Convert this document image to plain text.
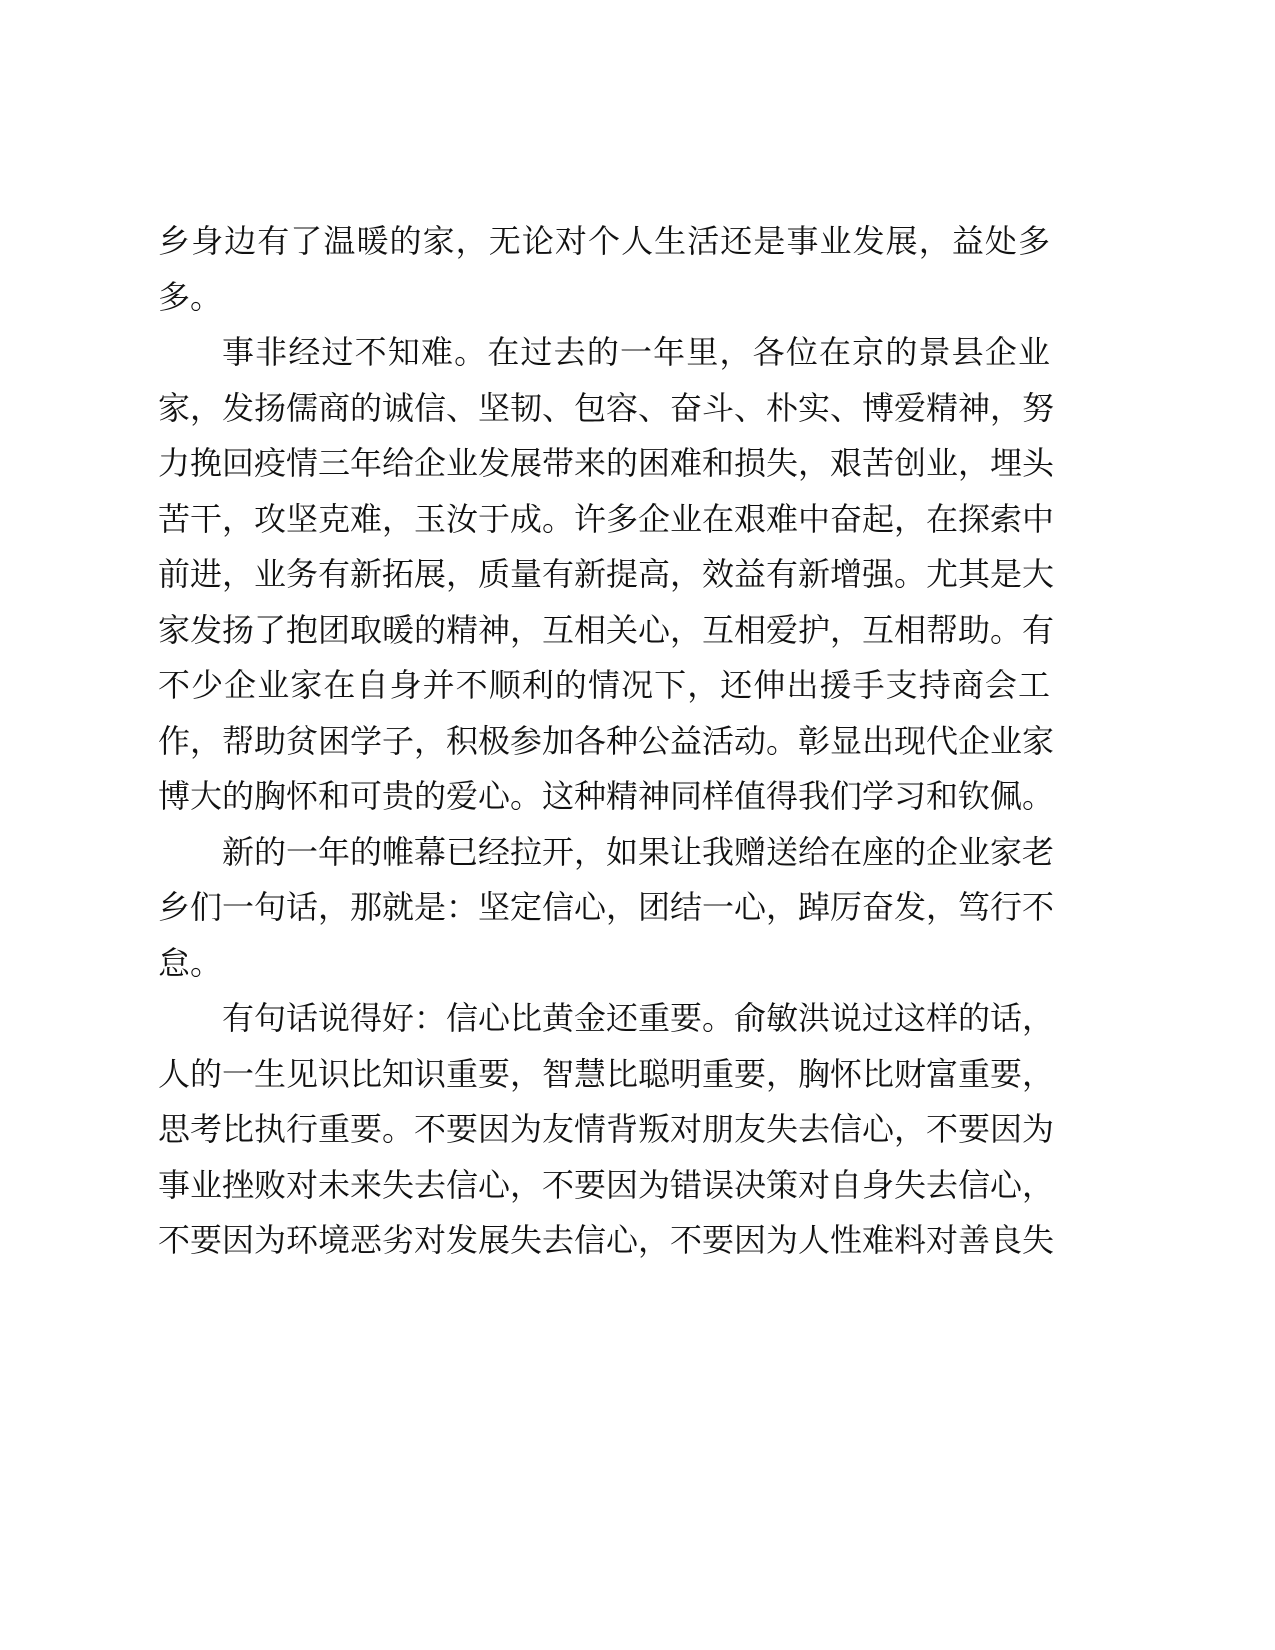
乡身边有了温暖的家，无论对个人生活还是事业发展，益处多
多。
事非经过不知难。在过去的一年里，各位在京的景县企业
家，发扬儒商的诚信、坚韧、包容、奋斗、朴实、博爱精神，努
力挽回疫情三年给企业发展带来的困难和损失，艰苦创业，埋头
苦干，攻坚克难，玉汝于成。许多企业在艰难中奋起，在探索中
前进，业务有新拓展，质量有新提高，效益有新增强。尤其是大
家发扬了抱团取暖的精神，互相关心，互相爱护，互相帮助。有
不少企业家在自身并不顺利的情况下，还伸出援手支持商会工
作，帮助贫困学子，积极参加各种公益活动。彰显出现代企业家
博大的胸怀和可贵的爱心。这种精神同样值得我们学习和钦佩。
新的一年的帷幕已经拉开，如果让我赠送给在座的企业家老
乡们一句话，那就是：坚定信心，团结一心，踔厉奋发，笃行不
怠。
有句话说得好：信心比黄金还重要。俞敏洪说过这样的话，
人的一生见识比知识重要，智慧比聪明重要，胸怀比财富重要，
思考比执行重要。不要因为友情背叛对朋友失去信心，不要因为
事业挫败对未来失去信心，不要因为错误决策对自身失去信心，
不要因为环境恶劣对发展失去信心，不要因为人性难料对善良失
